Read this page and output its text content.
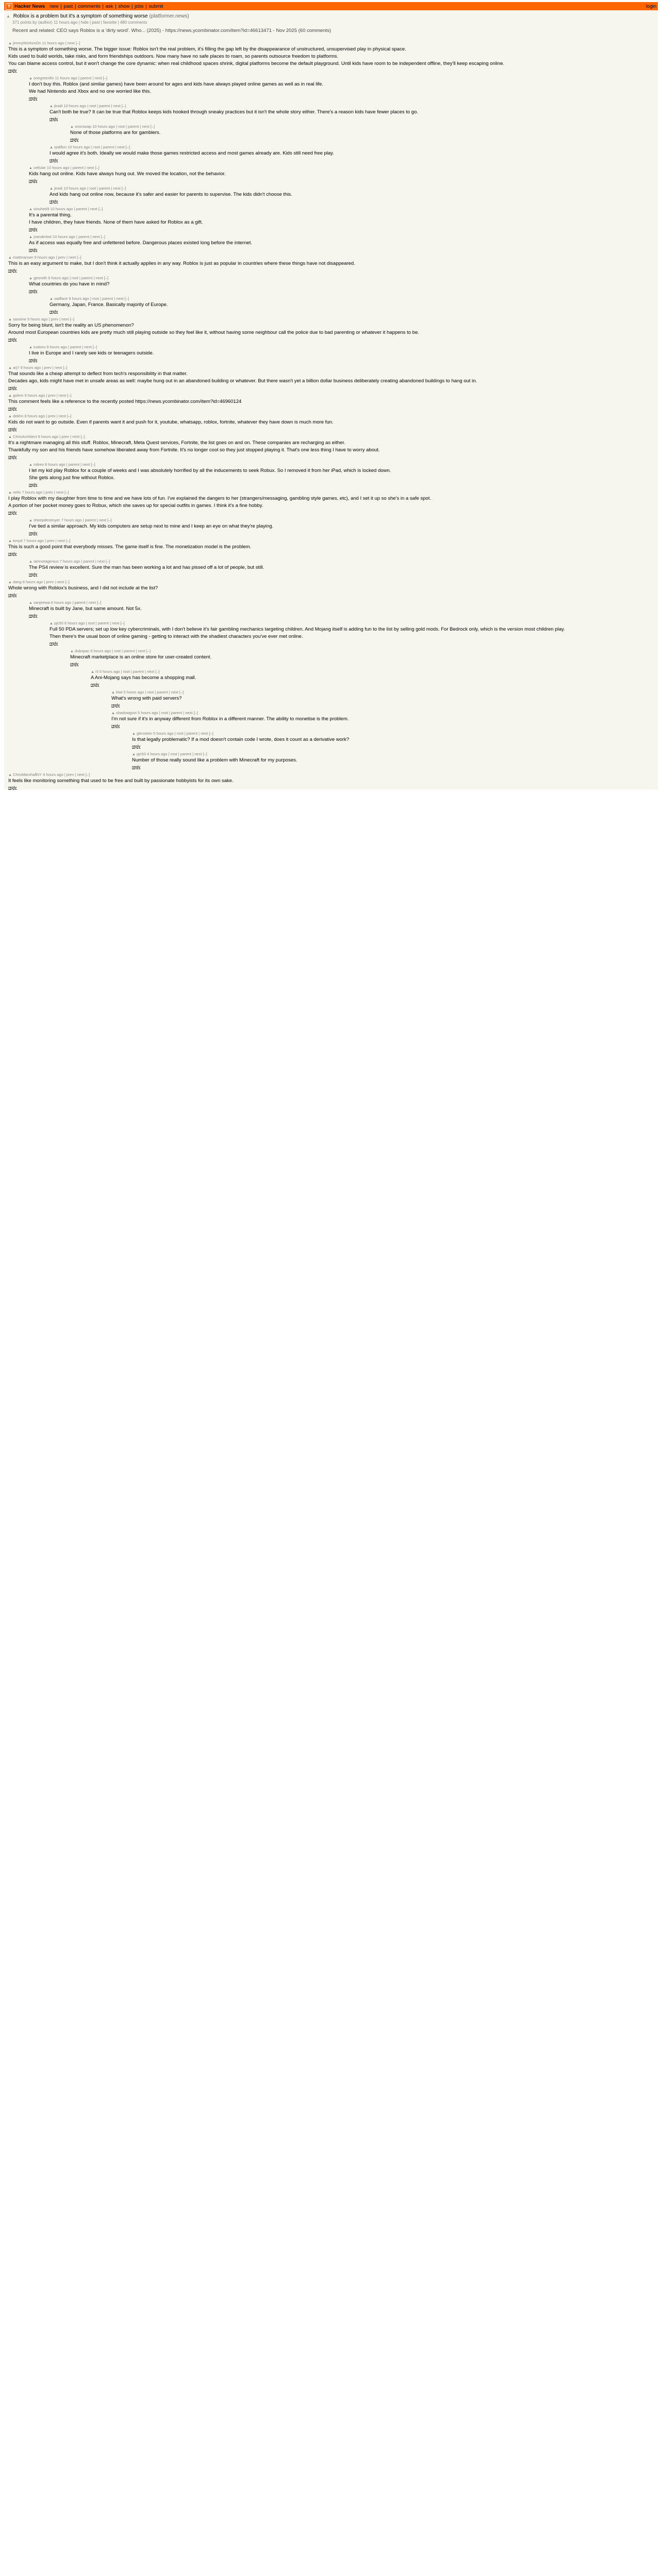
Y Hacker News new | past | comments | ask | show | jobs | submit	login
▲ Roblox is a problem but it's a symptom of something worse (platformer.news)
371 points by (author) 11 hours ago | hide | past | favorite | 480 comments

Recent and related: CEO says Roblox is a 'dirty word'. Who... (2025) - https://news.ycombinator.com/item?id=46613471 - Nov 2025 (60 comments)

▲ jimmyWorkzsOn 11 hours ago | next [–]

This is a symptom of something worse. The bigger issue: Roblox isn't the real problem, it's filling the gap left by the disappearance of unstructured, unsupervised play in physical space.

Kids used to build worlds, take risks, and form friendships outdoors. Now many have no safe places to roam, so parents outsource freedom to platforms.

You can blame access control, but it won't change the core dynamic: when real childhood spaces shrink, digital platforms become the default playground. Until kids have room to be independent offline, they'll keep escaping online.

reply
▲ onegreenfin 11 hours ago | parent | next [–]

I don't buy this. Roblox (and similar games) have been around for ages and kids have always played online games as well as in real life.

We had Nintendo and Xbox and no one worried like this.

reply
▲ jtradi 10 hours ago | root | parent | next [–]

Can't both be true? It can be true that Roblox keeps kids hooked through sneaky practices but it isn't the whole story either. There's a reason kids have fewer places to go.

reply
▲ xnorswap 10 hours ago | root | parent | next [–]

None of those platforms are for gamblers.

reply
▲ rpdillon 10 hours ago | root | parent | next [–]

I would agree it's both. Ideally we would make those games restricted access and most games already are. Kids still need free play.

reply
▲ cellular 10 hours ago | parent | next [–]

Kids hang out online. Kids have always hung out. We moved the location, not the behavior.

reply
▲ jtradi 10 hours ago | root | parent | next [–]

And kids hang out online now, because it's safer and easier for parents to supervise. The kids didn't choose this.

reply
▲ sinuhe69 10 hours ago | parent | next [–]

It's a parental thing.

I have children, they have friends. None of them have asked for Roblox as a gift.

reply
▲ jvanderbot 10 hours ago | parent | next [–]

As if access was equally free and unfettered before. Dangerous places existed long before the internet.

reply
▲ mattmanser 9 hours ago | prev | next [–]

This is an easy argument to make, but I don't think it actually applies in any way. Roblox is just as popular in countries where these things have not disappeared.

reply
▲ gesmith 9 hours ago | root | parent | next [–]

What countries do you have in mind?

reply
▲ sadface 9 hours ago | root | parent | next [–]

Germany, Japan, France. Basically majority of Europe.

reply
▲ saxoine 9 hours ago | prev | next [–]

Sorry for being blunt, isn't the reality an US phenomenon?

Around most European countries kids are pretty much still playing outside so they feel like it, without having some neighbour call the police due to bad parenting or whatever it happens to be.

reply
▲ tuatoru 9 hours ago | parent | next [–]

I live in Europe and I rarely see kids or teenagers outside.

reply
▲ arj7 9 hours ago | prev | next [–]

That sounds like a cheap attempt to deflect from tech's responsibility in that matter.

Decades ago, kids might have met in unsafe areas as well: maybe hung out in an abandoned building or whatever. But there wasn't yet a billion dollar business deliberately creating abandoned buildings to hang out in.

reply
▲ golem 9 hours ago | prev | next [–]

This comment feels like a reference to the recently posted https://news.ycombinator.com/item?id=46960124

reply
▲ dekhn 8 hours ago | prev | next [–]

Kids do not want to go outside. Even if parents want it and push for it, youtube, whatsapp, roblox, fortnite, whatever they have down is much more fun.

reply
▲ ChrisArchitect 8 hours ago | prev | next [–]

It's a nightmare managing all this stuff. Roblox, Minecraft, Meta Quest services, Fortnite, the list goes on and on. These companies are recharging as either.

Thankfully my son and his friends have somehow liberated away from Fortnite. It's no longer cool so they just stopped playing it. That's one less thing I have to worry about.

reply
▲ mikeo 8 hours ago | parent | next [–]

I let my kid play Roblox for a couple of weeks and I was absolutely horrified by all the inducements to seek Robux. So I removed it from her iPad, which is locked down.

She gets along just fine without Roblox.

reply
▲ neilv 7 hours ago | prev | next [–]

I play Roblox with my daughter from time to time and we have lots of fun. I've explained the dangers to her (strangers/messaging, gambling style games, etc), and I set it up so she's in a safe spot.

A portion of her pocket money goes to Robux, which she saves up for special outfits in games. I think it's a fine hobby.

reply
▲ sheepdestroyer 7 hours ago | parent | next [–]

I've tied a similar approach. My kids computers are setup next to mine and I keep an eye on what they're playing.

reply
▲ tonyd 7 hours ago | prev | next [–]

This is such a good point that everybody misses. The game itself is fine. The monetization model is the problem.

reply
▲ iamnotagenius 7 hours ago | parent | next [–]

The PS4 review is excellent. Sure the man has been working a lot and has pissed off a lot of people, but still.

reply
▲ dang 6 hours ago | prev | next [–]

Whole wrong with Roblox's business, and I did not include at the list?

reply
▲ sanjeewa 6 hours ago | parent | next [–]

Minecraft is built by Jane, but same amount. Not 5x.

reply
▲ pjc50 6 hours ago | root | parent | next [–]

Full 50 PDA servers; set up low key cybercriminals, with I don't believe it's fair gambling mechanics targeting children. And Mojang itself is adding fun to the list by selling gold mods. For Bedrock only, which is the version most children play.

Then there's the usual boon of online gaming - getting to interact with the shadiest characters you've ever met online.

reply
▲ dubspac 6 hours ago | root | parent | next [–]

Minecraft marketplace is an online store for user-created content.

reply
▲ nl 5 hours ago | root | parent | next [–]

A Ani-Mojang says has become a shopping mall.

reply
▲ kiwi 5 hours ago | root | parent | next [–]

What's wrong with paid servers?

reply
▲ shadowgovt 5 hours ago | root | parent | next [–]

I'm not sure if it's in anyway different from Roblox in a different manner. The ability to monetise is the problem.

reply
▲ glenstein 5 hours ago | root | parent | next [–]

Is that legally problematic? If a mod doesn't contain code I wrote, does it count as a derivative work?

reply
▲ pjc50 4 hours ago | root | parent | next [–]

Number of those really sound like a problem with Minecraft for my purposes.

reply
▲ ChrisMarshallNY 4 hours ago | prev | next [–]

It feels like monitoring something that used to be free and built by passionate hobbyists for its own sake.

reply
